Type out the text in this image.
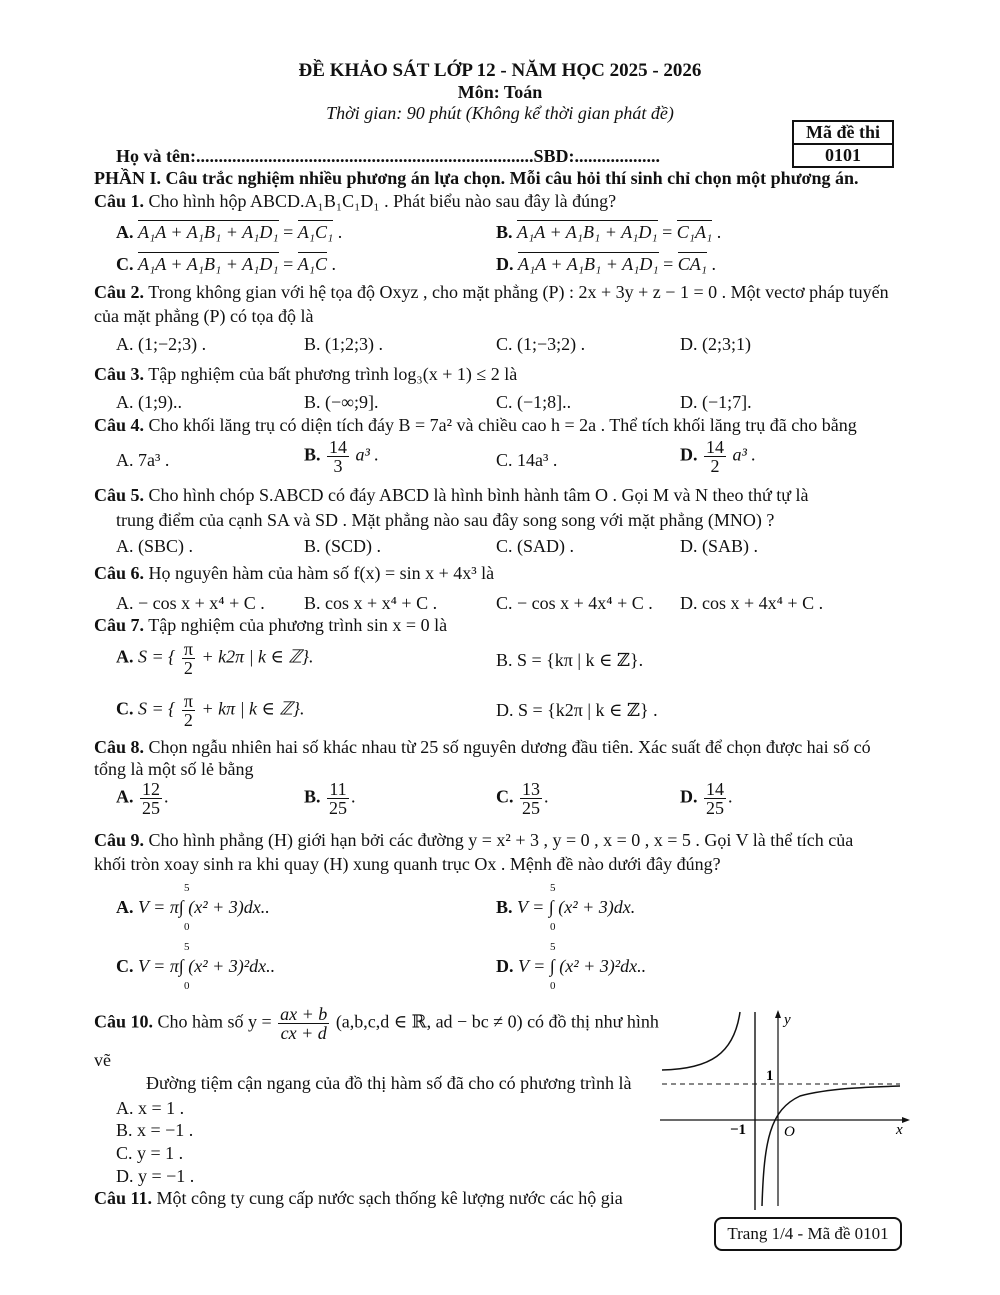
ĐỀ KHẢO SÁT LỚP 12 - NĂM HỌC 2025 - 2026
Môn: Toán
Thời gian: 90 phút (Không kể thời gian phát đề)
Mã đề thi
0101
Họ và tên:...........................................................................SBD:...................
PHẦN I. Câu trắc nghiệm nhiều phương án lựa chọn. Mỗi câu hỏi thí sinh chỉ chọn một phương án.
Câu 1. Cho hình hộp ABCD.A₁B₁C₁D₁ . Phát biểu nào sau đây là đúng?
A. A₁A + A₁B₁ + A₁D₁ = A₁C₁ .	B. A₁A + A₁B₁ + A₁D₁ = C₁A₁ .
C. A₁A + A₁B₁ + A₁D₁ = A₁C .	D. A₁A + A₁B₁ + A₁D₁ = CA₁ .
Câu 2. Trong không gian với hệ tọa độ Oxyz , cho mặt phẳng (P) : 2x + 3y + z − 1 = 0 . Một vectơ pháp tuyến
của mặt phẳng (P) có tọa độ là
A. (1;−2;3) .	B. (1;2;3) .	C. (1;−3;2) .	D. (2;3;1)
Câu 3. Tập nghiệm của bất phương trình log₃(x + 1) ≤ 2 là
A. (1;9)..	B. (−∞;9].	C. (−1;8]..	D. (−1;7].
Câu 4. Cho khối lăng trụ có diện tích đáy B = 7a² và chiều cao h = 2a . Thể tích khối lăng trụ đã cho bằng
A. 7a³ .	B. $\frac{14}{3} a^3$ .	C. 14a³ .	D. $\frac{14}{2} a^3$ .
Câu 5. Cho hình chóp S.ABCD có đáy ABCD là hình bình hành tâm O . Gọi M và N theo thứ tự là
trung điểm của cạnh SA và SD . Mặt phẳng nào sau đây song song với mặt phẳng (MNO) ?
A. (SBC) .	B. (SCD) .	C. (SAD) .	D. (SAB) .
Câu 6. Họ nguyên hàm của hàm số f(x) = sin x + 4x³ là
A. − cos x + x⁴ + C . B. cos x + x⁴ + C .	C. − cos x + 4x⁴ + C . D. cos x + 4x⁴ + C .
Câu 7. Tập nghiệm của phương trình sin x = 0 là
A. S = { $\frac{\pi}{2} + k2\pi$ | k ∈ ℤ}.	B. S = {kπ | k ∈ ℤ}.
C. S = { $\frac{\pi}{2} + k\pi$ | k ∈ ℤ}.	D. S = {k2π | k ∈ ℤ} .
Câu 8. Chọn ngẫu nhiên hai số khác nhau từ 25 số nguyên dương đầu tiên. Xác suất để chọn được hai số có
tổng là một số lẻ bằng
A. $\frac{12}{25}$ .	B. $\frac{11}{25}$ .	C. $\frac{13}{25}$ .	D. $\frac{14}{25}$ .
Câu 9. Cho hình phẳng (H) giới hạn bởi các đường y = x² + 3 , y = 0 , x = 0 , x = 5 . Gọi V là thể tích của
khối tròn xoay sinh ra khi quay (H) xung quanh trục Ox . Mệnh đề nào dưới đây đúng?
A. V = π∫ (x² + 3)dx..
5
0
B. V = ∫ (x² + 3)dx.
5
0
C. V = π∫ (x² + 3)²dx..
5
0
D. V = ∫ (x² + 3)²dx..
5
0
Câu 10. Cho hàm số $y = \frac{ax + b}{cx + d} (a,b,c,d$ ∈ ℝ, ad − bc ≠ 0) có đồ thị như hình
vẽ
Đường tiệm cận ngang của đồ thị hàm số đã cho có phương trình là
A. x = 1 .
B. x = −1 .
C. y = 1 .
D. y = −1 .
y
x
1
−1	O
Câu 11. Một công ty cung cấp nước sạch thống kê lượng nước các hộ gia
Trang 1/4 - Mã đề 0101
